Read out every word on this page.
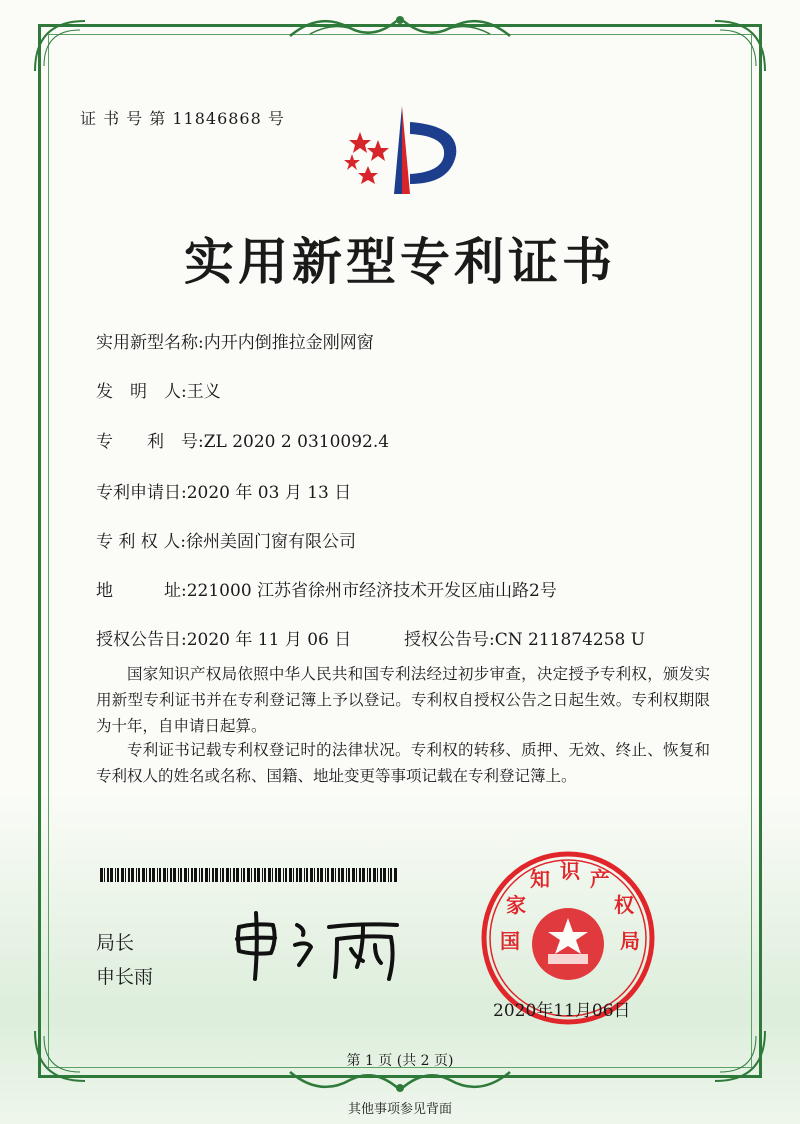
证 书 号 第 11846868 号
实用新型专利证书
实用新型名称:内开内倒推拉金刚网窗
发　明　人:王义
专　　利　号:ZL 2020 2 0310092.4
专利申请日:2020 年 03 月 13 日
专 利 权 人:徐州美固门窗有限公司
地　　　址:221000 江苏省徐州市经济技术开发区庙山路2号
授权公告日:2020 年 11 月 06 日	授权公告号:CN 211874258 U
国家知识产权局依照中华人民共和国专利法经过初步审查，决定授予专利权，颁发实用新型专利证书并在专利登记簿上予以登记。专利权自授权公告之日起生效。专利权期限为十年，自申请日起算。
专利证书记载专利权登记时的法律状况。专利权的转移、质押、无效、终止、恢复和专利权人的姓名或名称、国籍、地址变更等事项记载在专利登记簿上。
局长
申长雨
国
家
知 识 产
权
局
2020年11月06日
第 1 页 (共 2 页)
其他事项参见背面
